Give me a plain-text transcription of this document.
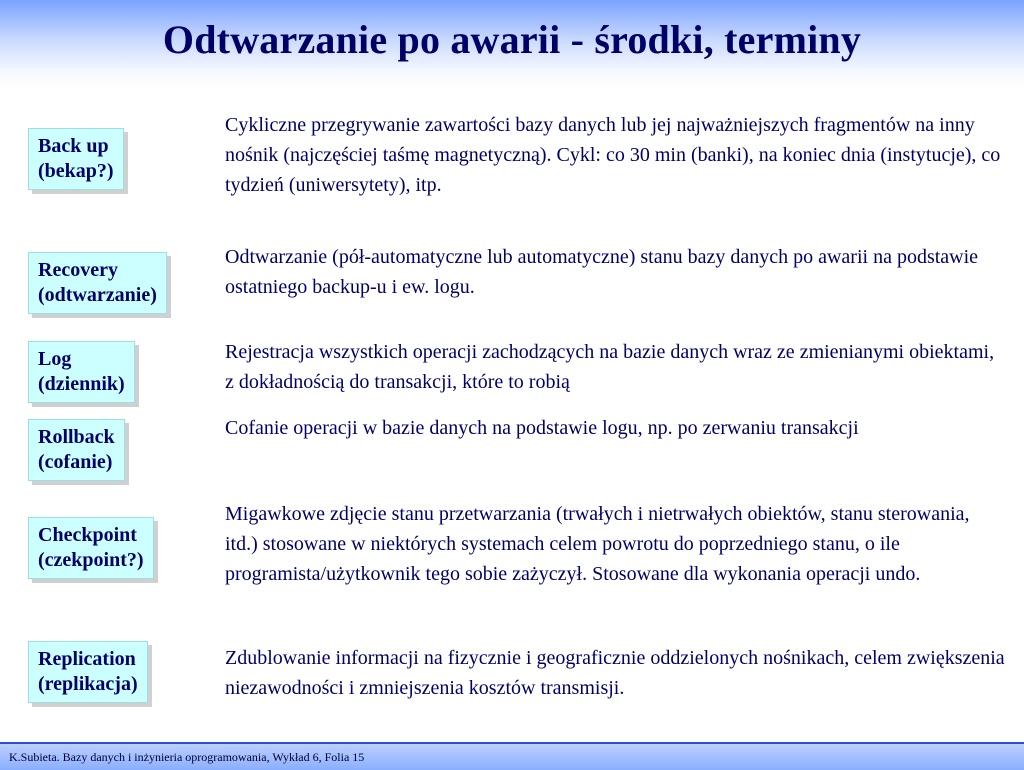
Odtwarzanie po awarii - środki, terminy
Back up
(bekap?)
Cykliczne przegrywanie zawartości bazy danych lub jej najważniejszych fragmentów na inny nośnik (najczęściej taśmę magnetyczną). Cykl: co 30 min (banki), na koniec dnia (instytucje), co tydzień (uniwersytety), itp.
Recovery
(odtwarzanie)
Odtwarzanie (pół-automatyczne lub automatyczne) stanu bazy danych po awarii na podstawie ostatniego backup-u i ew. logu.
Log
(dziennik)
Rejestracja wszystkich operacji zachodzących na bazie danych wraz ze zmienianymi obiektami, z dokładnością do transakcji, które to robią
Rollback
(cofanie)
Cofanie operacji w bazie danych na podstawie logu, np. po zerwaniu transakcji
Checkpoint
(czekpoint?)
Migawkowe zdjęcie stanu przetwarzania (trwałych i nietrwałych obiektów, stanu sterowania, itd.) stosowane w niektórych systemach celem powrotu do poprzedniego stanu, o ile programista/użytkownik tego sobie zażyczył. Stosowane dla wykonania operacji undo.
Replication
(replikacja)
Zdublowanie informacji na fizycznie i geograficznie oddzielonych nośnikach, celem zwiększenia niezawodności i zmniejszenia kosztów transmisji.
K.Subieta. Bazy danych i inżynieria oprogramowania, Wykład 6, Folia 15
